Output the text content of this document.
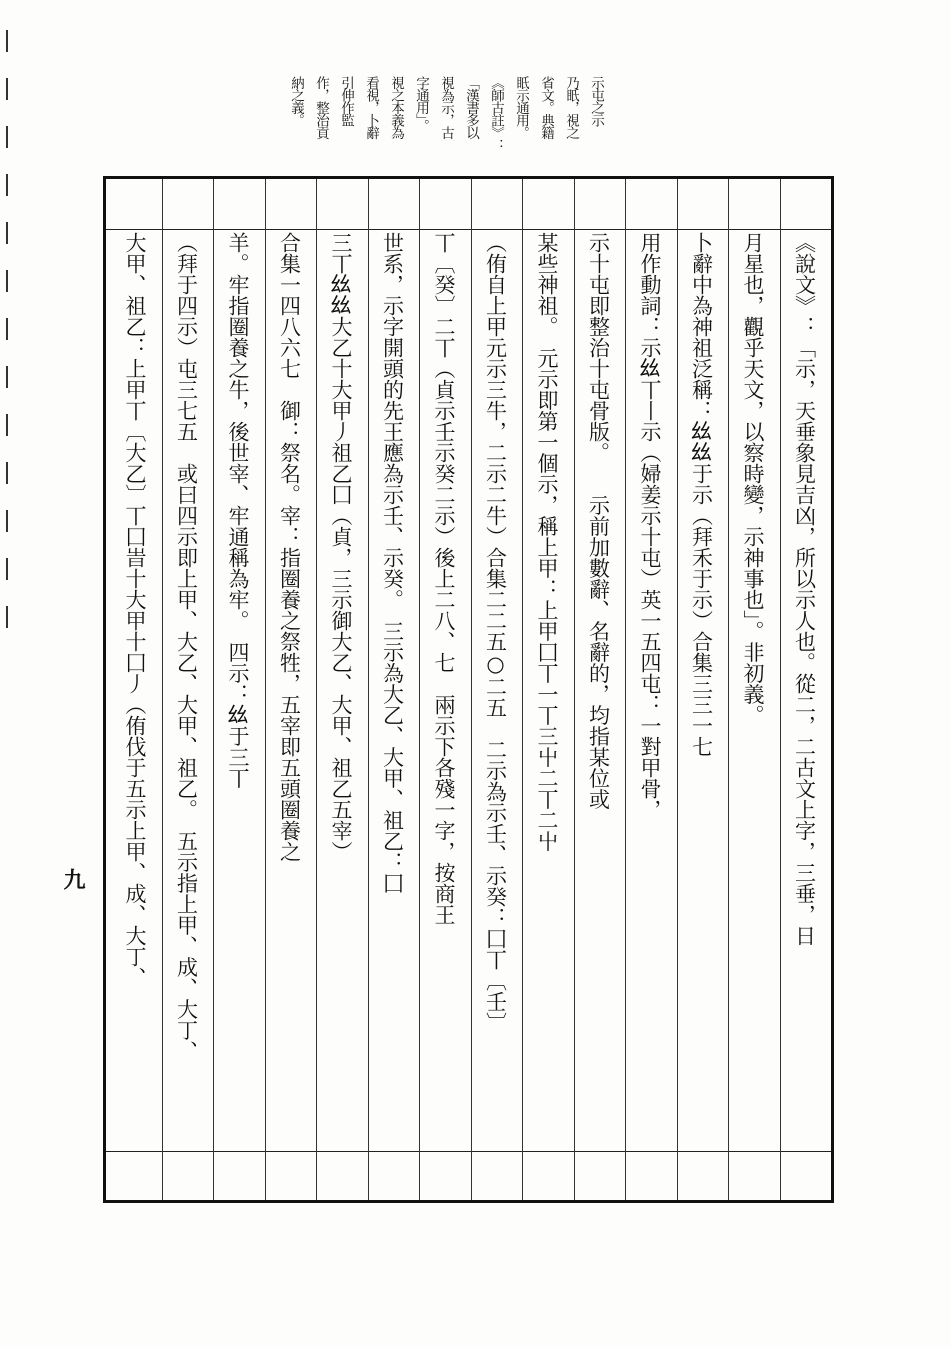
示屯之示
乃眂，視之
省文。典籍
眂示通用。
《師古註》：
「漢書多以
視為示，古
字通用」。
視之本義為
看視，卜辭
引伸作監
作，整治貢
納之義。
《說文》：「示，天垂象見吉凶，所以示人也。從二，二古文上字，三垂，日
月星也，觀乎天文，以察時變，示神事也」。非初義。
卜辭中為神祖泛稱：𢆶𢆶于示（拜禾于示）合集三三一七
用作動詞：示𢆶丅丨示（婦姜示十屯）英一五四屯：一對甲骨，
示十屯即整治十屯骨版。　　示前加數辭、名辭的，均指某位或
某些神祖。　元示即第一個示，稱上甲：上甲囗丅一丅三屮二丅二屮
（侑自上甲元示三牛，二示二牛）合集二二五○二五　二示為示壬、示癸：囗丅〔壬〕
丅〔癸〕二丅（貞示壬示癸二示）後上二八、七　兩示下各殘一字，按商王
世系，示字開頭的先王應為示壬、示癸。　三示為大乙、大甲、祖乙：囗
三丅𢆶𢆶大乙十大甲丿祖乙囗（貞，三示御大乙、大甲、祖乙五宰）
合集一四八六七　御：祭名。宰：指圈養之祭牲，五宰即五頭圈養之
羊。牢指圈養之牛，後世宰、牢通稱為牢。　四示：𢆶于三丅
（拜于四示）屯三七五　或曰四示即上甲、大乙、大甲、祖乙。　五示指上甲、成、大丁、
大甲、祖乙：上甲丅〔大乙〕丅囗旹十大甲十囗丿（侑伐于五示上甲、成、大丁、
九
